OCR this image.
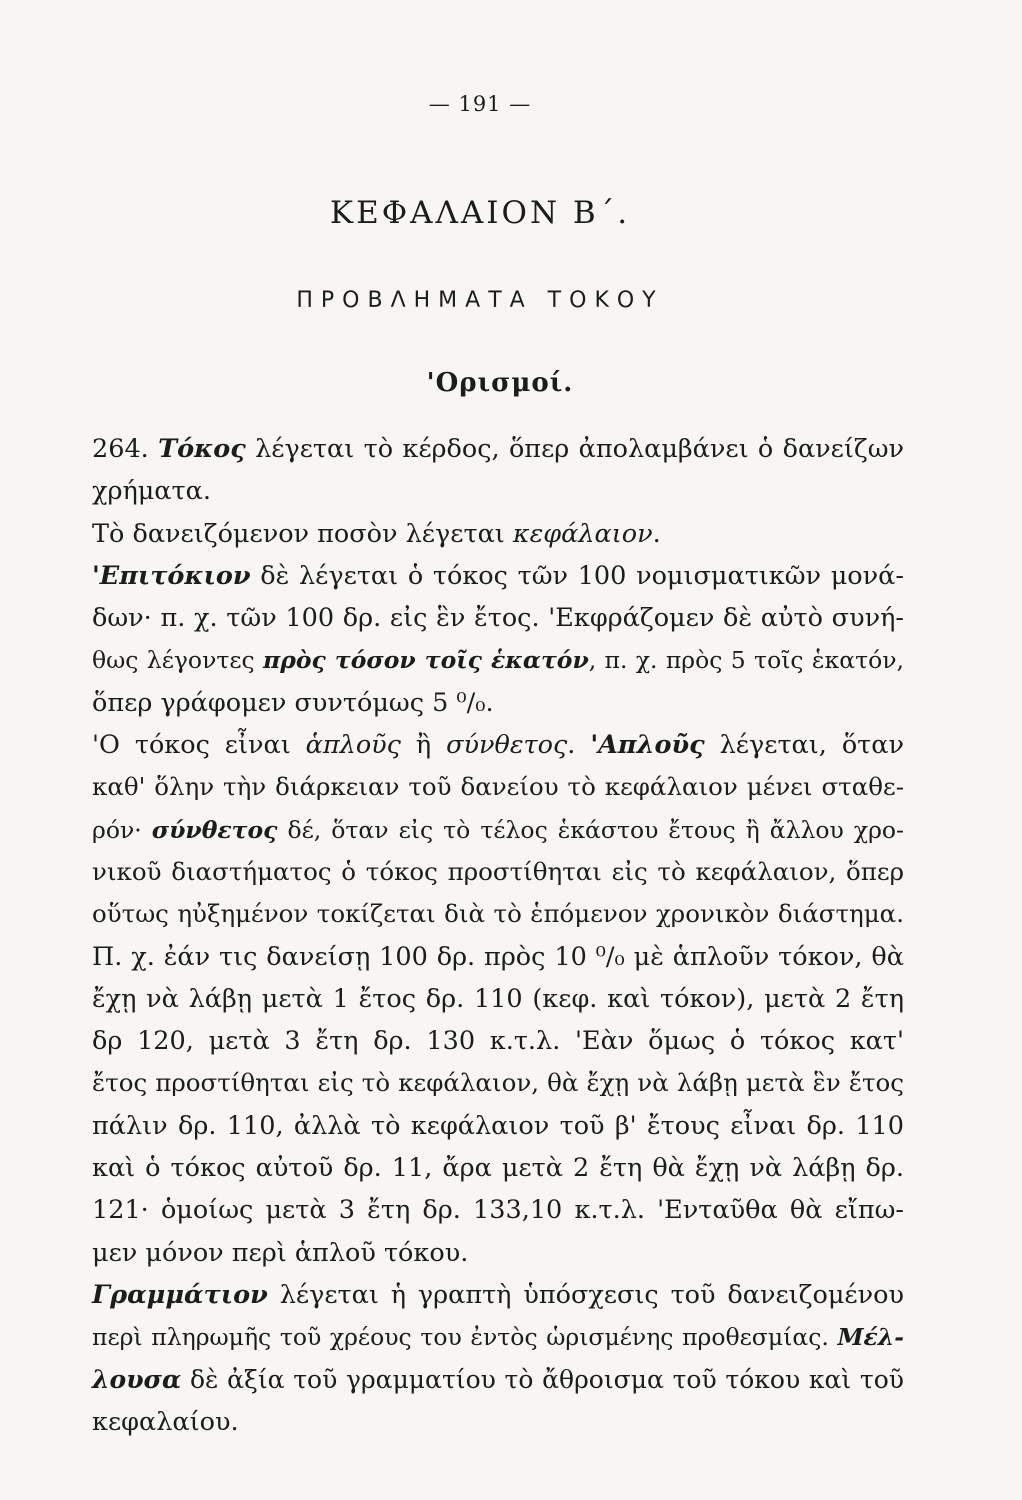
— 191 —
ΚΕΦΑΛΑΙΟΝ Β΄.
ΠΡΟΒΛΗΜΑΤΑ ΤΟΚΟΥ
'Ορισμοί.

264. Τόκος λέγεται τὸ κέρδος, ὅπερ ἀπολαμβάνει ὁ δανείζων
χρήματα.

Τὸ δανειζόμενον ποσὸν λέγεται κεφάλαιον.

'Επιτόκιον δὲ λέγεται ὁ τόκος τῶν 100 νομισματικῶν μονά-
δων· π. χ. τῶν 100 δρ. εἰς ἓν ἔτος. 'Εκφράζομεν δὲ αὐτὸ συνή-
θως λέγοντες πρὸς τόσον τοῖς ἑκατόν, π. χ. πρὸς 5 τοῖς ἑκατόν,
ὅπερ γράφομεν συντόμως 5 ⁰/₀.

'Ο τόκος εἶναι ἁπλοῦς ἢ σύνθετος. 'Απλοῦς λέγεται, ὅταν
καθ' ὅλην τὴν διάρκειαν τοῦ δανείου τὸ κεφάλαιον μένει σταθε-
ρόν· σύνθετος δέ, ὅταν εἰς τὸ τέλος ἑκάστου ἔτους ἢ ἄλλου χρο-
νικοῦ διαστήματος ὁ τόκος προστίθηται εἰς τὸ κεφάλαιον, ὅπερ
οὕτως ηὐξημένον τοκίζεται διὰ τὸ ἑπόμενον χρονικὸν διάστημα.
Π. χ. ἐάν τις δανείσῃ 100 δρ. πρὸς 10 ⁰/₀ μὲ ἁπλοῦν τόκον, θὰ
ἔχῃ νὰ λάβῃ μετὰ 1 ἔτος δρ. 110 (κεφ. καὶ τόκον), μετὰ 2 ἔτη
δρ 120, μετὰ 3 ἔτη δρ. 130 κ.τ.λ. 'Εὰν ὅμως ὁ τόκος κατ'
ἔτος προστίθηται εἰς τὸ κεφάλαιον, θὰ ἔχῃ νὰ λάβῃ μετὰ ἓν ἔτος
πάλιν δρ. 110, ἀλλὰ τὸ κεφάλαιον τοῦ β' ἔτους εἶναι δρ. 110
καὶ ὁ τόκος αὐτοῦ δρ. 11, ἄρα μετὰ 2 ἔτη θὰ ἔχῃ νὰ λάβῃ δρ.
121· ὁμοίως μετὰ 3 ἔτη δρ. 133,10 κ.τ.λ. 'Ενταῦθα θὰ εἴπω-
μεν μόνον περὶ ἁπλοῦ τόκου.

Γραμμάτιον λέγεται ἡ γραπτὴ ὑπόσχεσις τοῦ δανειζομένου
περὶ πληρωμῆς τοῦ χρέους του ἐντὸς ὡρισμένης προθεσμίας. Μέλ-
λουσα δὲ ἀξία τοῦ γραμματίου τὸ ἄθροισμα τοῦ τόκου καὶ τοῦ
κεφαλαίου.
